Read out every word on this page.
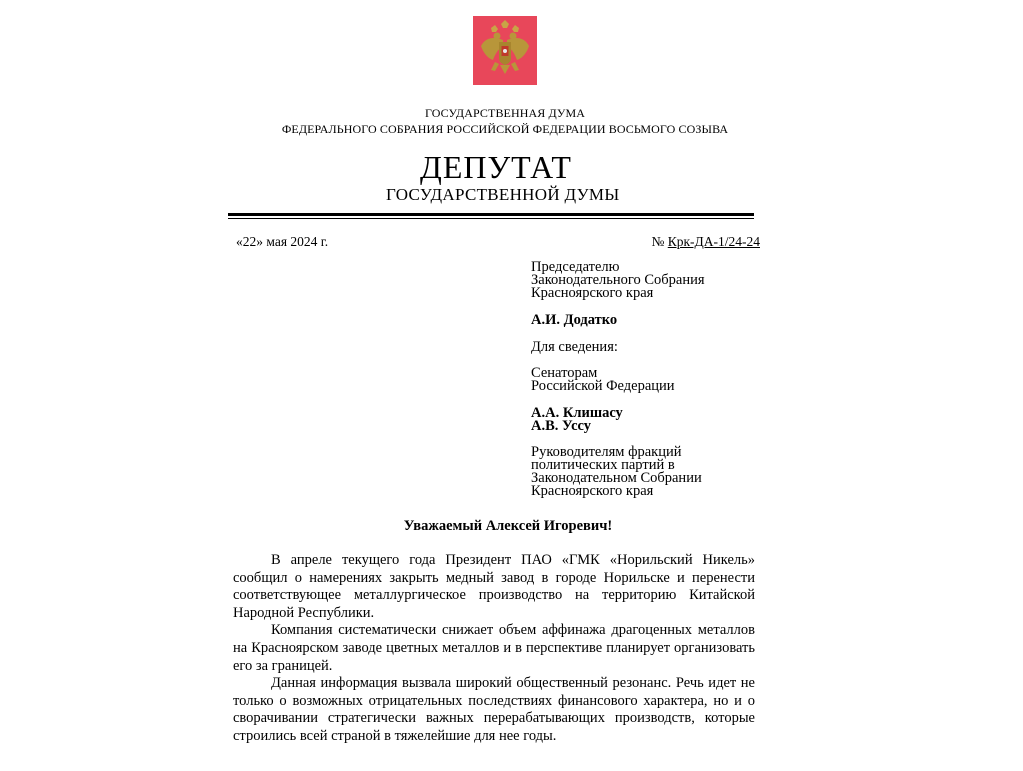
ГОСУДАРСТВЕННАЯ ДУМА
ФЕДЕРАЛЬНОГО СОБРАНИЯ РОССИЙСКОЙ ФЕДЕРАЦИИ ВОСЬМОГО СОЗЫВА
ДЕПУТАТ
ГОСУДАРСТВЕННОЙ ДУМЫ
«22» мая 2024 г.	№ Крк-ДА-1/24-24
Председателю
Законодательного Собрания
Красноярского края
А.И. Додатко
Для сведения:
Сенаторам
Российской Федерации
А.А. Клишасу
А.В. Уссу
Руководителям фракций
политических партий в
Законодательном Собрании
Красноярского края
Уважаемый Алексей Игоревич!

В апреле текущего года Президент ПАО «ГМК «Норильский Никель» сообщил о намерениях закрыть медный завод в городе Норильске и перенести соответствующее металлургическое производство на территорию Китайской Народной Республики.

Компания систематически снижает объем аффинажа драгоценных металлов на Красноярском заводе цветных металлов и в перспективе планирует организовать его за границей.

Данная информация вызвала широкий общественный резонанс. Речь идет не только о возможных отрицательных последствиях финансового характера, но и о сворачивании стратегически важных перерабатывающих производств, которые строились всей страной в тяжелейшие для нее годы.
